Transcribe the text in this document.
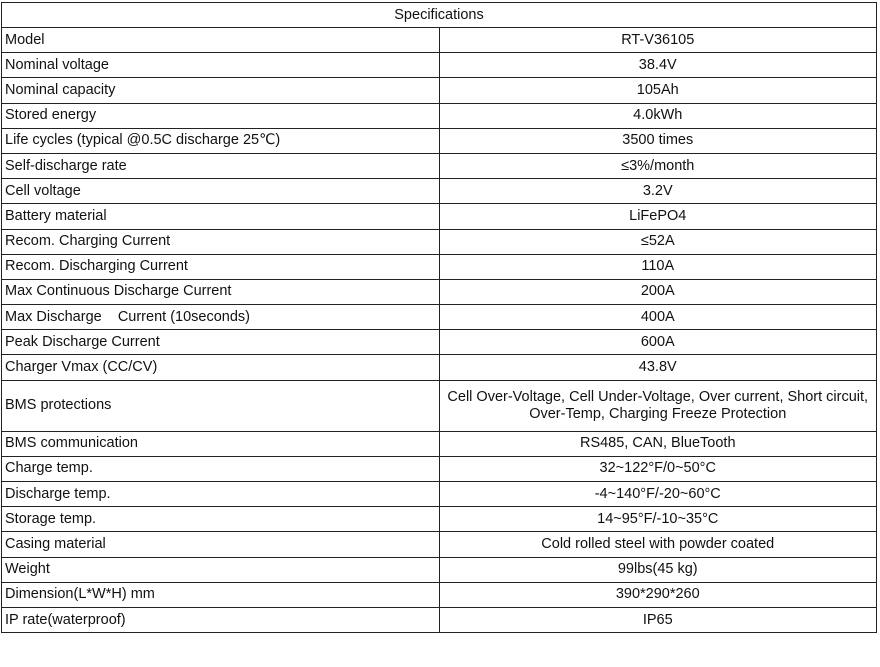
Specifications	
Model	RT-V36105
Nominal voltage	38.4V
Nominal capacity	105Ah
Stored energy	4.0kWh
Life cycles (typical @0.5C discharge 25℃)	3500 times
Self-discharge rate	≤3%/month
Cell voltage	3.2V
Battery material	LiFePO4
Recom. Charging Current	≤52A
Recom. Discharging Current	110A
Max Continuous Discharge Current	200A
Max Discharge    Current (10seconds)	400A
Peak Discharge Current	600A
Charger Vmax (CC/CV)	43.8V
BMS protections	Cell Over-Voltage, Cell Under-Voltage, Over current, Short circuit, Over-Temp, Charging Freeze Protection
BMS communication	RS485, CAN, BlueTooth
Charge temp.	32~122°F/0~50°C
Discharge temp.	-4~140°F/-20~60°C
Storage temp.	14~95°F/-10~35°C
Casing material	Cold rolled steel with powder coated
Weight	99lbs(45 kg)
Dimension(L*W*H) mm	390*290*260
IP rate(waterproof)	IP65
